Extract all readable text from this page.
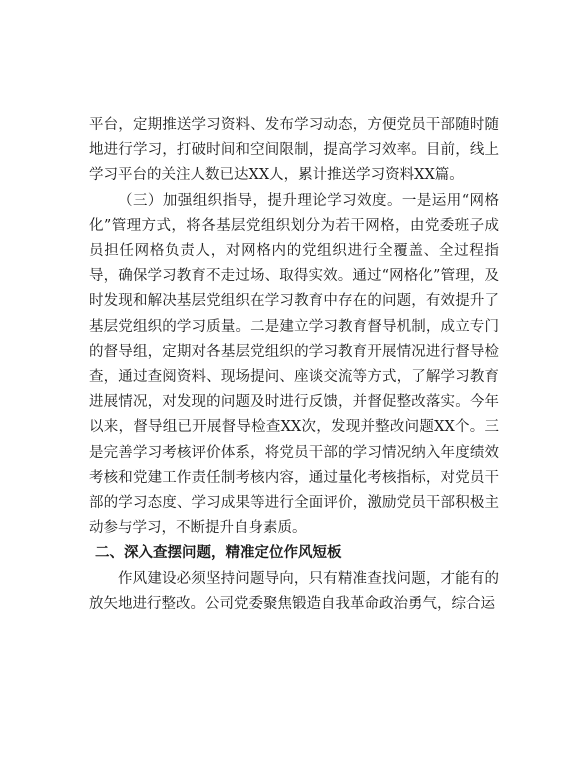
平台，定期推送学习资料、发布学习动态，方便党员干部随时随地进行学习，打破时间和空间限制，提高学习效率。目前，线上学习平台的关注人数已达XX人，累计推送学习资料XX篇。

（三）加强组织指导，提升理论学习效度。一是运用“网格化”管理方式，将各基层党组织划分为若干网格，由党委班子成员担任网格负责人，对网格内的党组织进行全覆盖、全过程指导，确保学习教育不走过场、取得实效。通过“网格化”管理，及时发现和解决基层党组织在学习教育中存在的问题，有效提升了基层党组织的学习质量。二是建立学习教育督导机制，成立专门的督导组，定期对各基层党组织的学习教育开展情况进行督导检查，通过查阅资料、现场提问、座谈交流等方式，了解学习教育进展情况，对发现的问题及时进行反馈，并督促整改落实。今年以来，督导组已开展督导检查XX次，发现并整改问题XX个。三是完善学习考核评价体系，将党员干部的学习情况纳入年度绩效考核和党建工作责任制考核内容，通过量化考核指标，对党员干部的学习态度、学习成果等进行全面评价，激励党员干部积极主动参与学习，不断提升自身素质。

二、深入查摆问题，精准定位作风短板

作风建设必须坚持问题导向，只有精准查找问题，才能有的放矢地进行整改。公司党委聚焦锻造自我革命政治勇气，综合运
